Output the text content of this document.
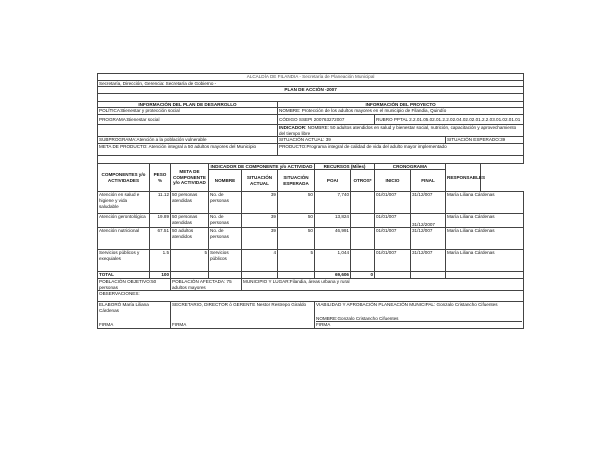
ALCALDÍA DE FILANDIA - Secretaría de Planeación Municipal										
Secretaría, Dirección, Gerencia: Secretaría de Gobierno -										
PLAN DE ACCIÓN -2007										

INFORMACIÓN DEL PLAN DE DESARROLLO					INFORMACIÓN DEL PROYECTO					
POLÍTICA:Bienestar y protección social					NOMBRE: Protección de los adultos mayores en el municipio de Filandia, Quindío					
PROGRAMA:Bienestar social					CÓDIGO SSEPI 200763272007			RUBRO PPTAL 2.2.01.05.02.01.2.2.02.04.02.02.01.2.2.03.01.02.01.01		
					INDICADOR: NOMBRE: 50 adultos atendidos en salud y bienestar social, nutrición, capacitación y aprovechamiento del tiempo libre					
SUBPROGRAMA:Atención a la población vulnerable					SITUACIÓN ACTUAL: 39					SITUACIÓN ESPERADO:39
META DE PRODUCTO: Atención integral a 50 adultos mayores del Municipio					PRODUCTO:Programa integral de calidad de vida del adulto mayor implementado					

COMPONENTES y/o ACTIVIDADES	PESO %	META DE COMPONENTE y/o ACTIVIDAD	INDICADOR DE COMPONENTE y/o ACTIVIDAD			RECURSOS (Miles)		CRONOGRAMA		RESPONSABLES
			NOMBRE	SITUACIÓN ACTUAL	SITUACIÓN ESPERADA	POAI	OTROS*	INICIO	FINAL	
Atención en salud e higiene y vida saludable	11.12	50 personas atendidas	No. de personas	39	50	7,740		01/01/007	31/12/007	María Liliana Cárdenas
Atención gerontológica	19.89	50 personas atendidas	No. de personas	39	50	13,824		01/01/007	31/12/2007	María Liliana Cárdenas
Atención nutricional	67.51	50 adultos atendidos	No. de personas	39	50	46,991		01/01/007	31/12/007	María Liliana Cárdenas
Servicios públicos y exequiales	1.5	5	Servicios públicos	4	5	1,044		01/01/007	31/12/007	María Liliana Cárdenas
TOTAL	100					69,606	0			
POBLACIÓN OBJETIVO:50 personas		POBLACIÓN AFECTADA: 75 adultos mayores		MUNICIPIO Y LUGAR:Filandia, áreas urbana y rural						
OBSERVACIONES:										
ELABORÓ María Liliana Cárdenas		SECRETARIO, DIRECTOR ó GERENTE Nestor Restrepo Giraldo				VIABILIDAD Y APROBACIÓN PLANEACIÓN MUNICIPAL: Gonzalo Cristancho Cifuentes				
FIRMA		FIRMA				NOMBRE:Gonzalo Cristancho Cifuentes
FIRMA				
